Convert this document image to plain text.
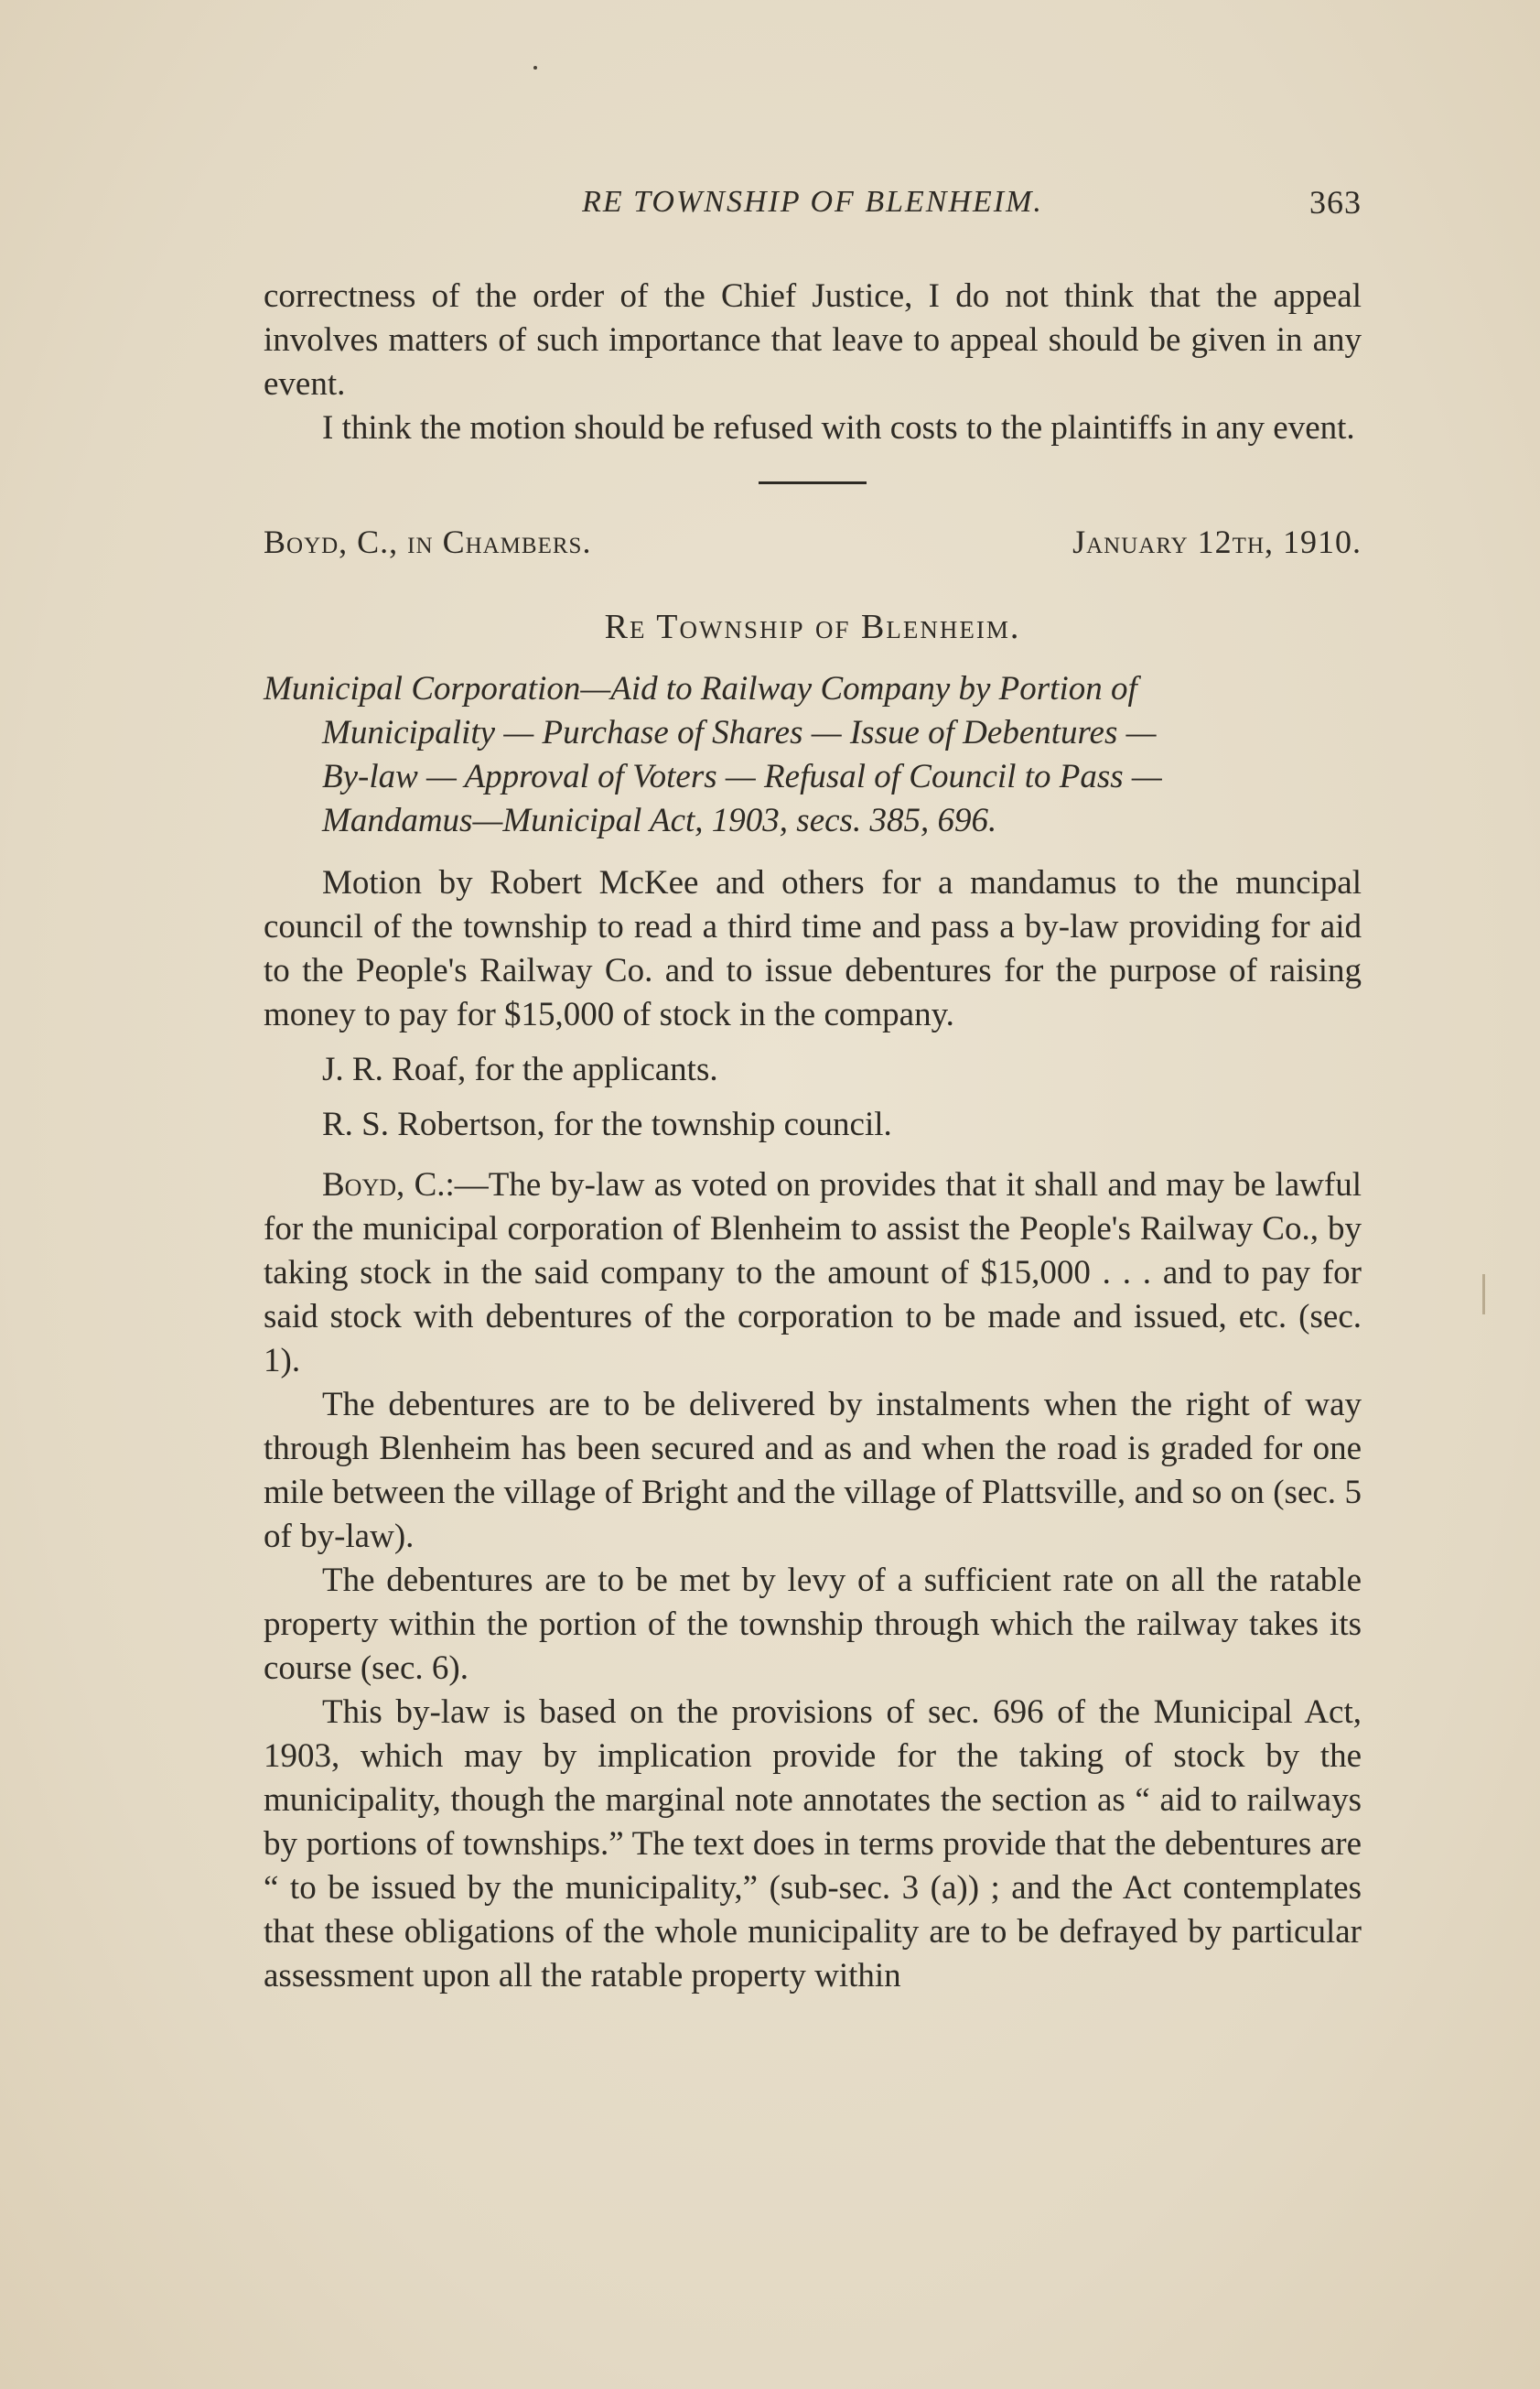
RE TOWNSHIP OF BLENHEIM.	363

correctness of the order of the Chief Justice, I do not think that the appeal involves matters of such importance that leave to appeal should be given in any event.

I think the motion should be refused with costs to the plaintiffs in any event.

Boyd, C., in Chambers.	January 12th, 1910.
Re Township of Blenheim.
Municipal Corporation—Aid to Railway Company by Portion of
Municipality — Purchase of Shares — Issue of Debentures —
By-law — Approval of Voters — Refusal of Council to Pass —
Mandamus—Municipal Act, 1903, secs. 385, 696.

Motion by Robert McKee and others for a mandamus to the muncipal council of the township to read a third time and pass a by-law providing for aid to the People's Railway Co. and to issue debentures for the purpose of raising money to pay for $15,000 of stock in the company.

J. R. Roaf, for the applicants.

R. S. Robertson, for the township council.

Boyd, C.:—The by-law as voted on provides that it shall and may be lawful for the municipal corporation of Blenheim to assist the People's Railway Co., by taking stock in the said company to the amount of $15,000 . . . and to pay for said stock with debentures of the corporation to be made and issued, etc. (sec. 1).

The debentures are to be delivered by instalments when the right of way through Blenheim has been secured and as and when the road is graded for one mile between the village of Bright and the village of Plattsville, and so on (sec. 5 of by-law).

The debentures are to be met by levy of a sufficient rate on all the ratable property within the portion of the township through which the railway takes its course (sec. 6).

This by-law is based on the provisions of sec. 696 of the Municipal Act, 1903, which may by implication provide for the taking of stock by the municipality, though the marginal note annotates the section as “ aid to railways by portions of townships.” The text does in terms provide that the debentures are “ to be issued by the municipality,” (sub-sec. 3 (a)) ; and the Act contemplates that these obligations of the whole municipality are to be defrayed by particular assessment upon all the ratable property within
